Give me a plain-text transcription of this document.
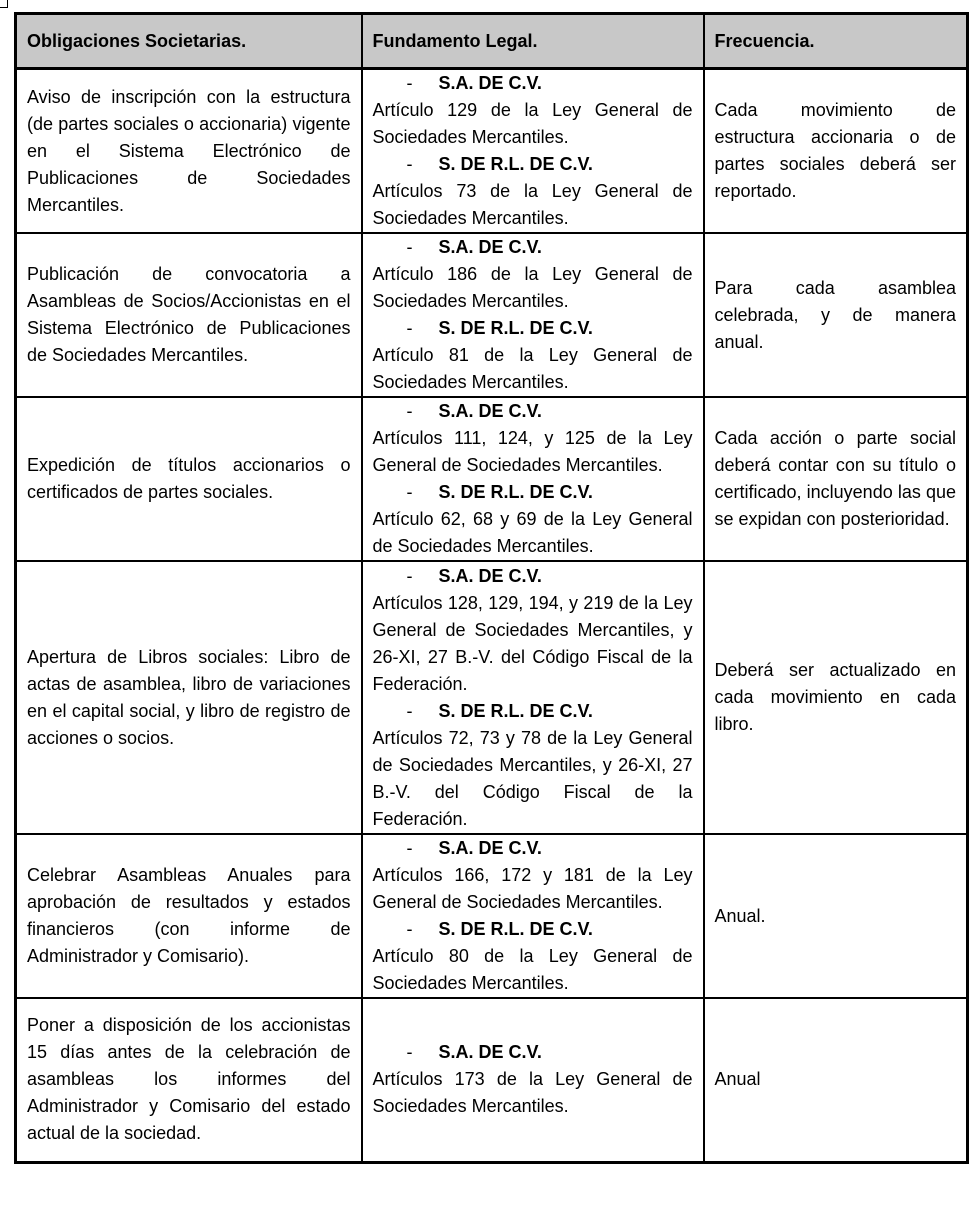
Obligaciones Societarias.	Fundamento Legal.	Frecuencia.
Aviso de inscripción con la estructura (de partes sociales o accionaria) vigente en el Sistema Electrónico de Publicaciones de Sociedades Mercantiles.	- S.A. DE C.V.
Artículo 129 de la Ley General de Sociedades Mercantiles.
- S. DE R.L. DE C.V.
Artículos 73 de la Ley General de Sociedades Mercantiles.	Cada movimiento de estructura accionaria o de partes sociales deberá ser reportado.
Publicación de convocatoria a Asambleas de Socios/Accionistas en el Sistema Electrónico de Publicaciones de Sociedades Mercantiles.	- S.A. DE C.V.
Artículo 186 de la Ley General de Sociedades Mercantiles.
- S. DE R.L. DE C.V.
Artículo 81 de la Ley General de Sociedades Mercantiles.	Para cada asamblea celebrada, y de manera anual.
Expedición de títulos accionarios o certificados de partes sociales.	- S.A. DE C.V.
Artículos 111, 124, y 125 de la Ley General de Sociedades Mercantiles.
- S. DE R.L. DE C.V.
Artículo 62, 68 y 69 de la Ley General de Sociedades Mercantiles.	Cada acción o parte social deberá contar con su título o certificado, incluyendo las que se expidan con posterioridad.
Apertura de Libros sociales: Libro de actas de asamblea, libro de variaciones en el capital social, y libro de registro de acciones o socios.	- S.A. DE C.V.
Artículos 128, 129, 194, y 219 de la Ley General de Sociedades Mercantiles, y 26-XI, 27 B.-V. del Código Fiscal de la Federación.
- S. DE R.L. DE C.V.
Artículos 72, 73 y 78 de la Ley General de Sociedades Mercantiles, y 26-XI, 27 B.-V. del Código Fiscal de la Federación.	Deberá ser actualizado en cada movimiento en cada libro.
Celebrar Asambleas Anuales para aprobación de resultados y estados financieros (con informe de Administrador y Comisario).	- S.A. DE C.V.
Artículos 166, 172 y 181 de la Ley General de Sociedades Mercantiles.
- S. DE R.L. DE C.V.
Artículo 80 de la Ley General de Sociedades Mercantiles.	Anual.
Poner a disposición de los accionistas 15 días antes de la celebración de asambleas los informes del Administrador y Comisario del estado actual de la sociedad.	- S.A. DE C.V.
Artículos 173 de la Ley General de Sociedades Mercantiles.	Anual
